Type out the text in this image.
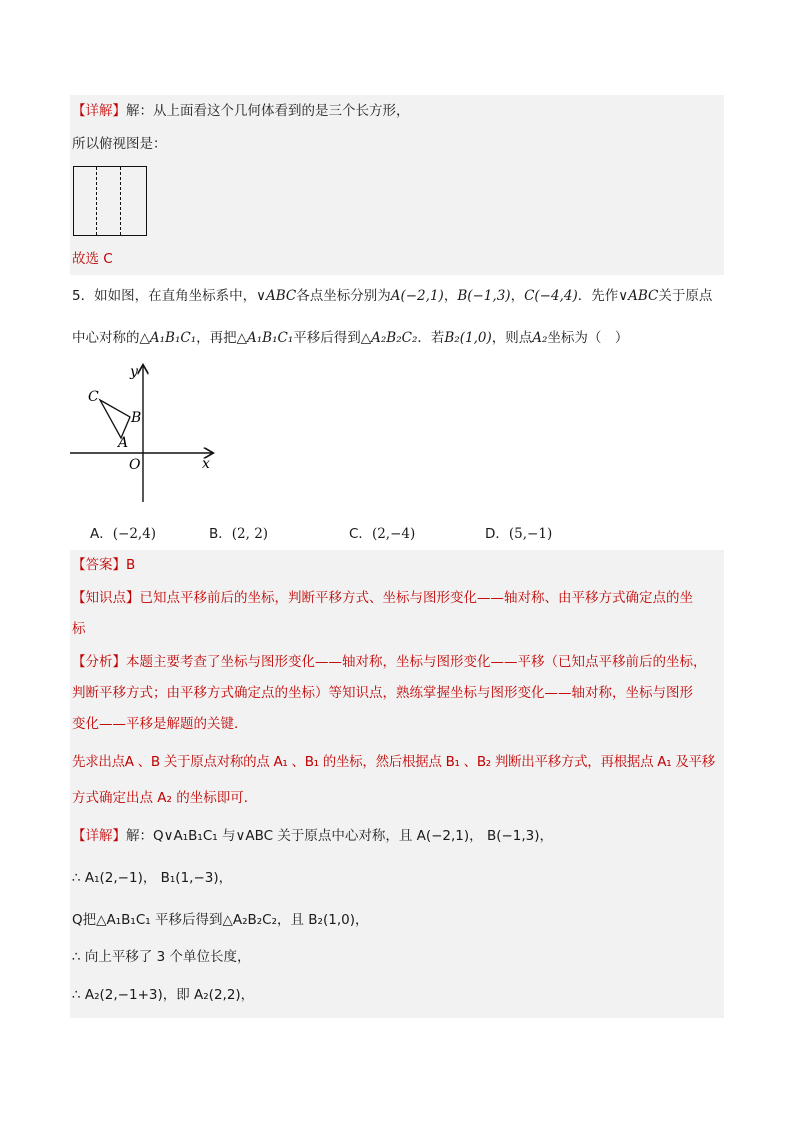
【详解】解：从上面看这个几何体看到的是三个长方形，
所以俯视图是：
故选 C
5．如如图，在直角坐标系中，∨ABC各点坐标分别为A(−2,1)，B(−1,3)，C(−4,4)．先作∨ABC关于原点
中心对称的△A₁B₁C₁，再把△A₁B₁C₁平移后得到△A₂B₂C₂．若B₂(1,0)，则点A₂坐标为（　）
y
x
O
A
B
C
A．(−2,4)	B．(2, 2)	C．(2,−4)	D．(5,−1)
【答案】B
【知识点】已知点平移前后的坐标，判断平移方式、坐标与图形变化——轴对称、由平移方式确定点的坐
标
【分析】本题主要考查了坐标与图形变化——轴对称，坐标与图形变化——平移（已知点平移前后的坐标，
判断平移方式；由平移方式确定点的坐标）等知识点，熟练掌握坐标与图形变化——轴对称，坐标与图形
变化——平移是解题的关键．
先求出点A 、B 关于原点对称的点 A₁ 、B₁ 的坐标，然后根据点 B₁ 、B₂ 判断出平移方式，再根据点 A₁ 及平移
方式确定出点 A₂ 的坐标即可．
【详解】解：Q∨A₁B₁C₁ 与∨ABC 关于原点中心对称，且 A(−2,1)， B(−1,3)，
∴ A₁(2,−1)， B₁(1,−3)，
Q把△A₁B₁C₁ 平移后得到△A₂B₂C₂，且 B₂(1,0)，
∴ 向上平移了 3 个单位长度，
∴ A₂(2,−1+3)，即 A₂(2,2)，
